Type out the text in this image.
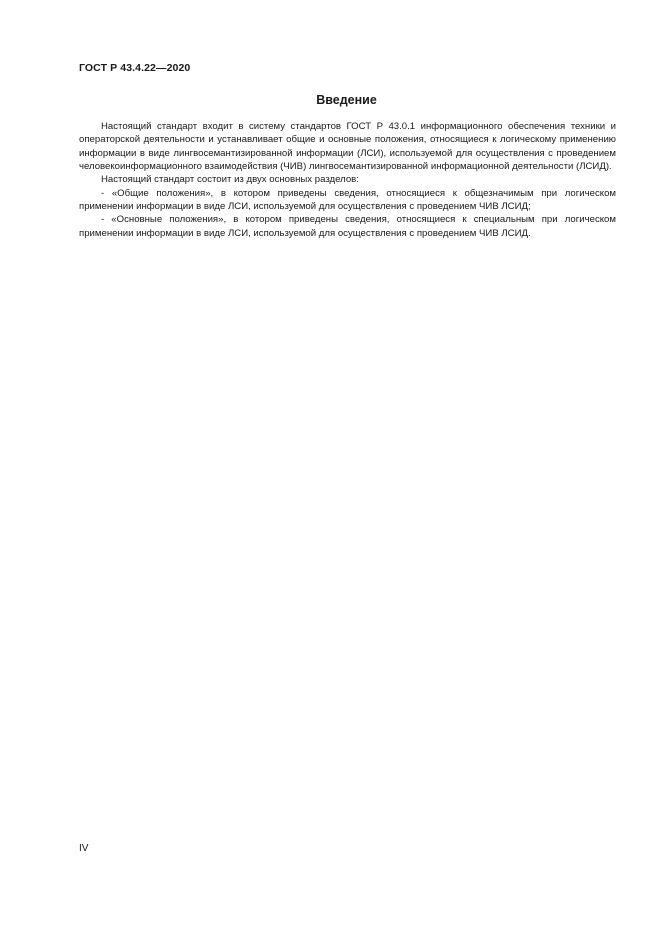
ГОСТ Р 43.4.22—2020
Введение

Настоящий стандарт входит в систему стандартов ГОСТ Р 43.0.1 информационного обеспечения техники и операторской деятельности и устанавливает общие и основные положения, относящиеся к логическому применению информации в виде лингвосемантизированной информации (ЛСИ), используемой для осуществления с проведением человекоинформационного взаимодействия (ЧИВ) лингвосемантизированной информационной деятельности (ЛСИД).

Настоящий стандарт состоит из двух основных разделов:

- «Общие положения», в котором приведены сведения, относящиеся к общезначимым при логическом применении информации в виде ЛСИ, используемой для осуществления с проведением ЧИВ ЛСИД;

- «Основные положения», в котором приведены сведения, относящиеся к специальным при логическом применении информации в виде ЛСИ, используемой для осуществления с проведением ЧИВ ЛСИД.

IV
